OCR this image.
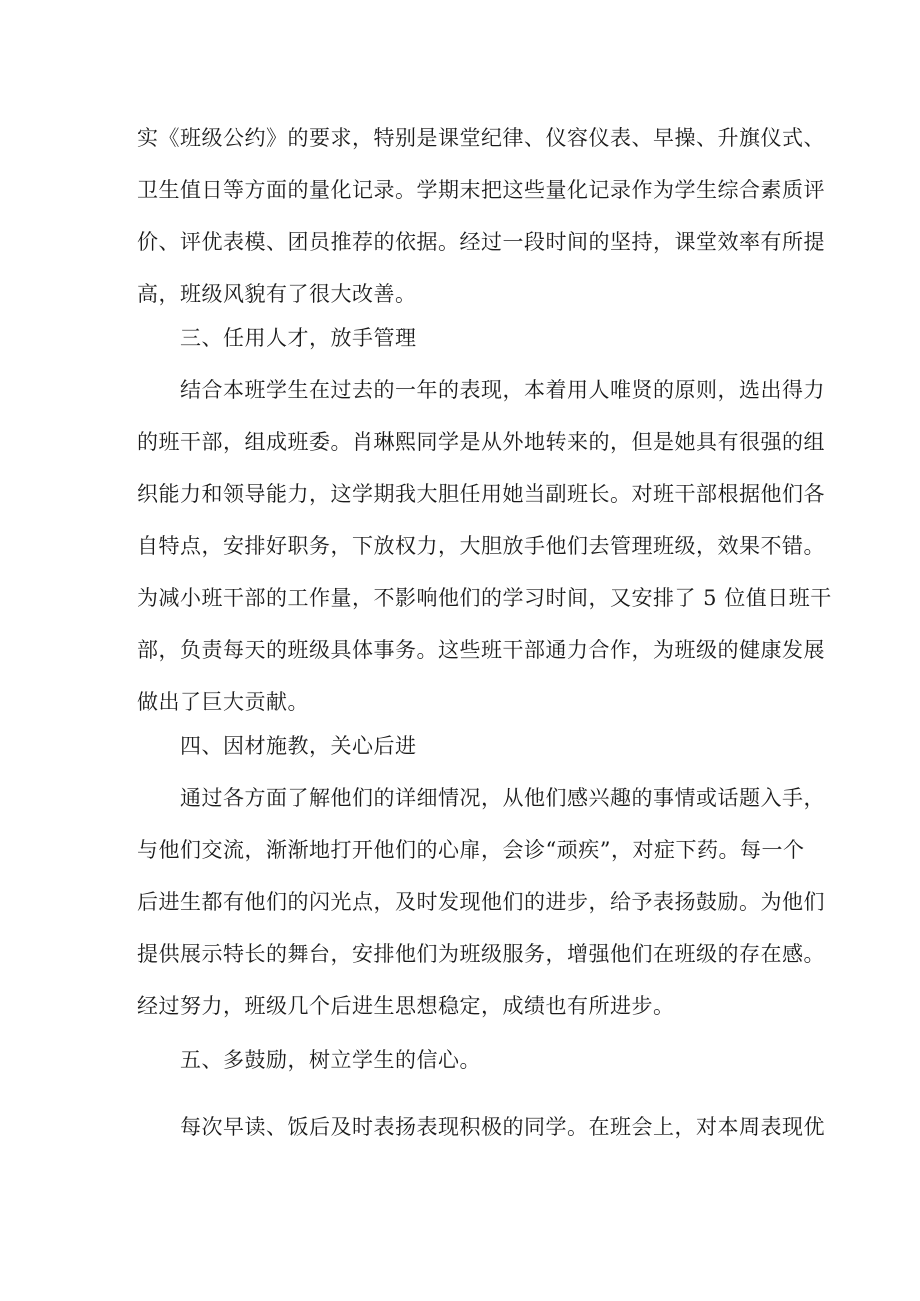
实《班级公约》的要求，特别是课堂纪律、仪容仪表、早操、升旗仪式、
卫生值日等方面的量化记录。学期末把这些量化记录作为学生综合素质评
价、评优表模、团员推荐的依据。经过一段时间的坚持，课堂效率有所提
高，班级风貌有了很大改善。
三、任用人才，放手管理
结合本班学生在过去的一年的表现，本着用人唯贤的原则，选出得力
的班干部，组成班委。肖琳熙同学是从外地转来的，但是她具有很强的组
织能力和领导能力，这学期我大胆任用她当副班长。对班干部根据他们各
自特点，安排好职务，下放权力，大胆放手他们去管理班级，效果不错。
为减小班干部的工作量，不影响他们的学习时间，又安排了 5 位值日班干
部，负责每天的班级具体事务。这些班干部通力合作，为班级的健康发展
做出了巨大贡献。
四、因材施教，关心后进
通过各方面了解他们的详细情况，从他们感兴趣的事情或话题入手，
与他们交流，渐渐地打开他们的心扉，会诊“顽疾”，对症下药。每一个
后进生都有他们的闪光点，及时发现他们的进步，给予表扬鼓励。为他们
提供展示特长的舞台，安排他们为班级服务，增强他们在班级的存在感。
经过努力，班级几个后进生思想稳定，成绩也有所进步。
五、多鼓励，树立学生的信心。
每次早读、饭后及时表扬表现积极的同学。在班会上，对本周表现优
